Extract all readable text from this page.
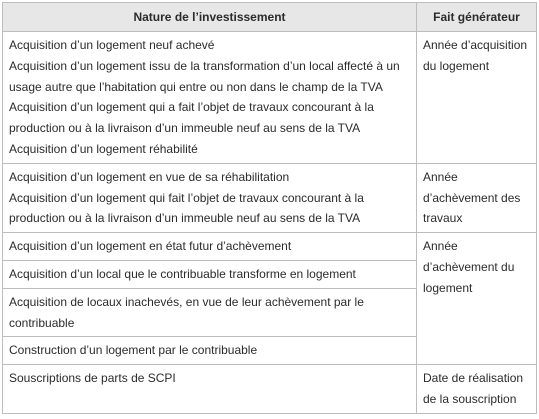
Nature de l’investissement	Fait générateur

Acquisition d’un logement neuf achevé
Acquisition d’un logement issu de la transformation d’un local affecté à un usage autre que l’habitation qui entre ou non dans le champ de la TVA
Acquisition d’un logement qui a fait l’objet de travaux concourant à la production ou à la livraison d’un immeuble neuf au sens de la TVA
Acquisition d’un logement réhabilité	Année d’acquisition du logement

Acquisition d’un logement en vue de sa réhabilitation
Acquisition d’un logement qui fait l’objet de travaux concourant à la production ou à la livraison d’un immeuble neuf au sens de la TVA	Année d’achèvement des travaux

Acquisition d’un logement en état futur d’achèvement	Année d’achèvement du logement

Acquisition d’un local que le contribuable transforme en logement	

Acquisition de locaux inachevés, en vue de leur achèvement par le contribuable	

Construction d’un logement par le contribuable	

Souscriptions de parts de SCPI	Date de réalisation de la souscription
